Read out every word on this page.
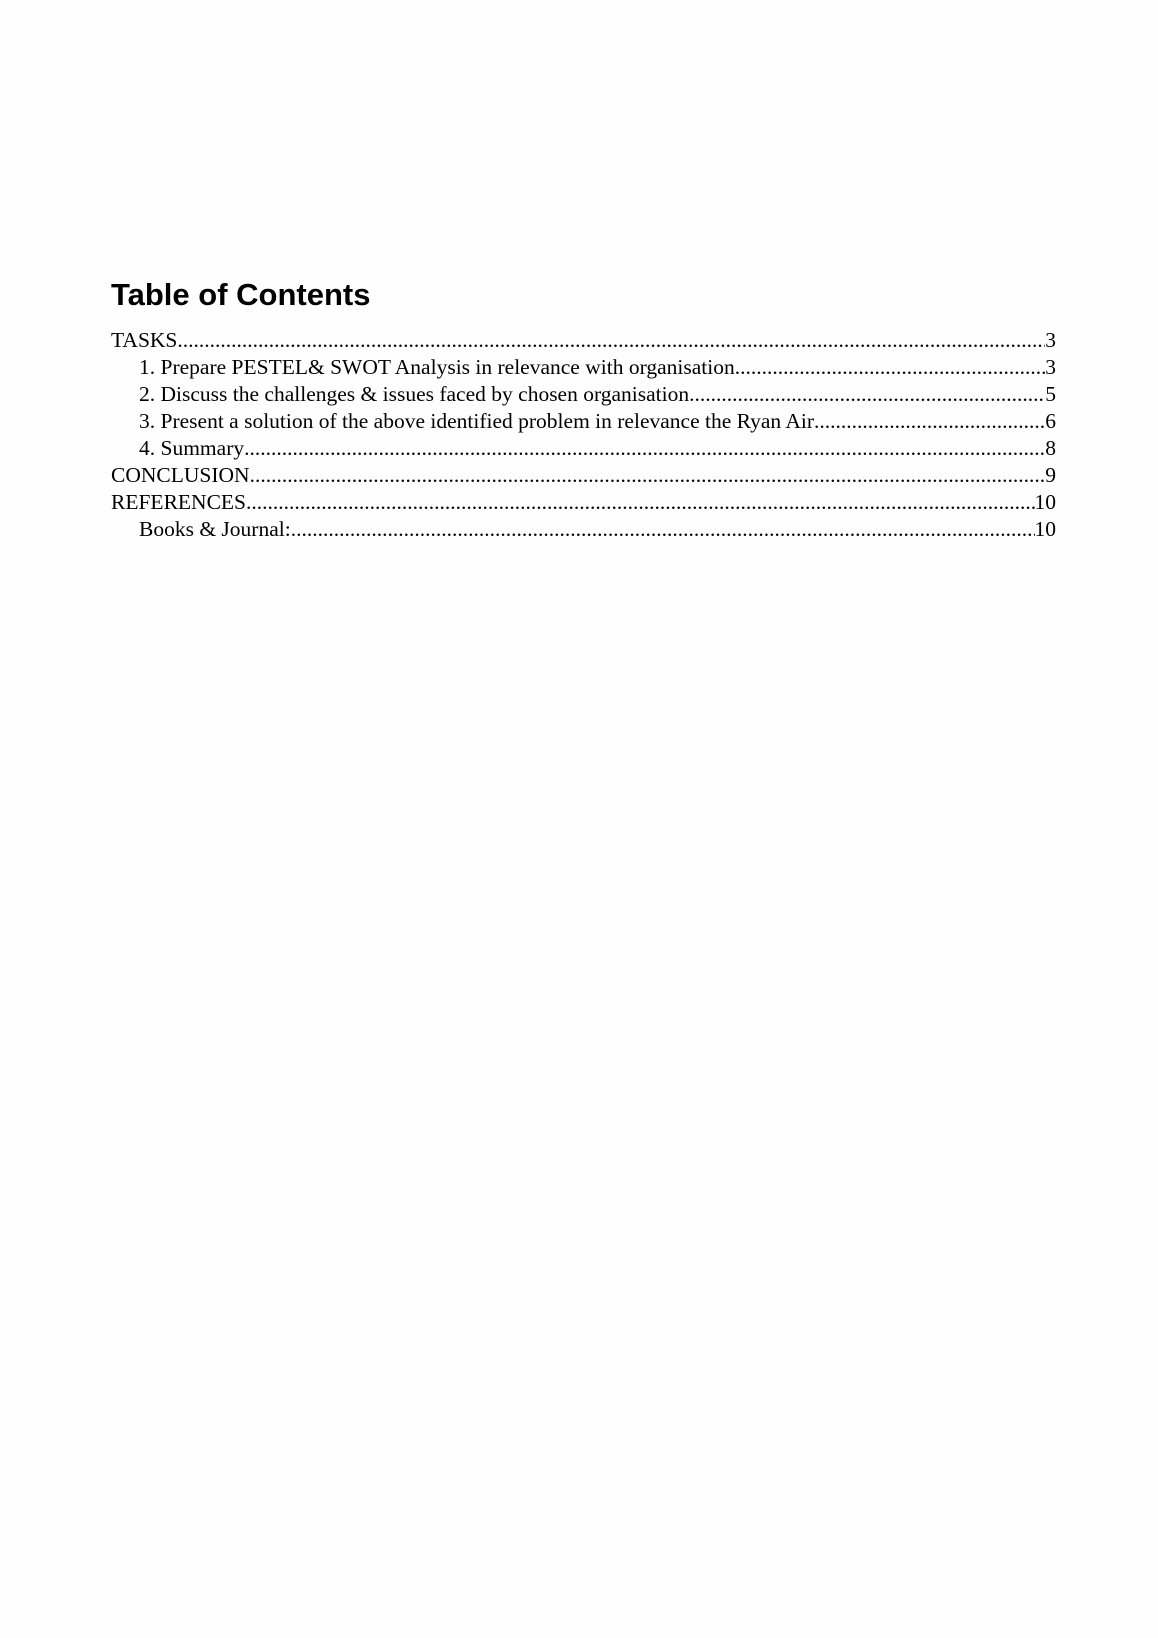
Table of Contents
TASKS .....	3
1. Prepare PESTEL& SWOT Analysis in relevance with organisation .....	3
2. Discuss the challenges & issues faced by chosen organisation .....	5
3. Present a solution of the above identified problem in relevance the Ryan Air .....	6
4. Summary .....	8
CONCLUSION .....	9
REFERENCES .....	10
Books & Journal: .....	10
